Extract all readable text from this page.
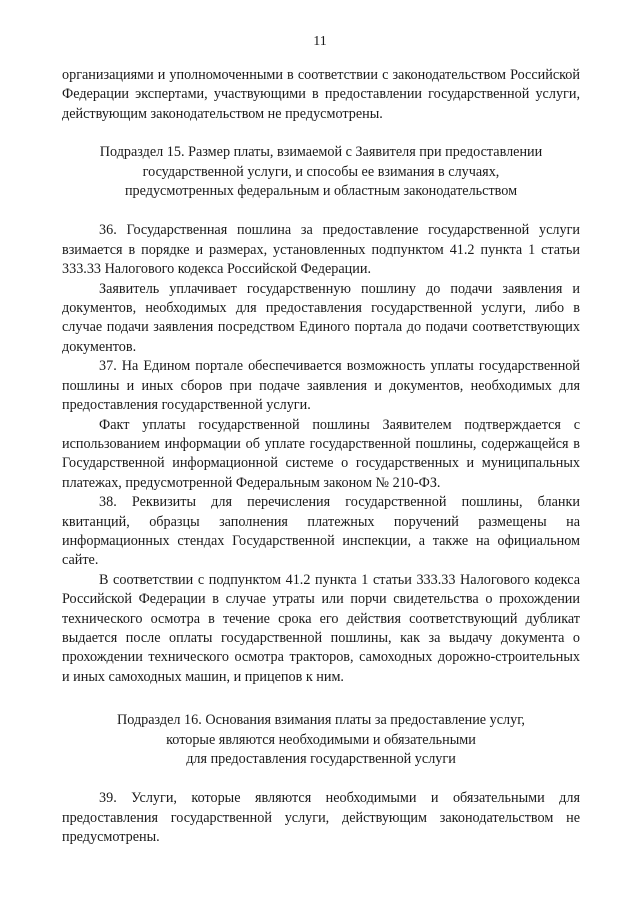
11

организациями и уполномоченными в соответствии с законодательством Российской Федерации экспертами, участвующими в предоставлении государственной услуги, действующим законодательством не предусмотрены.

Подраздел 15. Размер платы, взимаемой с Заявителя при предоставлении
государственной услуги, и способы ее взимания в случаях,
предусмотренных федеральным и областным законодательством

36. Государственная пошлина за предоставление государственной услуги взимается в порядке и размерах, установленных подпунктом 41.2 пункта 1 статьи 333.33 Налогового кодекса Российской Федерации.

Заявитель уплачивает государственную пошлину до подачи заявления и документов, необходимых для предоставления государственной услуги, либо в случае подачи заявления посредством Единого портала до подачи соответствующих документов.

37. На Едином портале обеспечивается возможность уплаты государственной пошлины и иных сборов при подаче заявления и документов, необходимых для предоставления государственной услуги.

Факт уплаты государственной пошлины Заявителем подтверждается с использованием информации об уплате государственной пошлины, содержащейся в Государственной информационной системе о государственных и муниципальных платежах, предусмотренной Федеральным законом № 210-ФЗ.

38. Реквизиты для перечисления государственной пошлины, бланки квитанций, образцы заполнения платежных поручений размещены на информационных стендах Государственной инспекции, а также на официальном сайте.

В соответствии с подпунктом 41.2 пункта 1 статьи 333.33 Налогового кодекса Российской Федерации в случае утраты или порчи свидетельства о прохождении технического осмотра в течение срока его действия соответствующий дубликат выдается после оплаты государственной пошлины, как за выдачу документа о прохождении технического осмотра тракторов, самоходных дорожно-строительных и иных самоходных машин, и прицепов к ним.

Подраздел 16. Основания взимания платы за предоставление услуг,
которые являются необходимыми и обязательными
для предоставления государственной услуги

39. Услуги, которые являются необходимыми и обязательными для предоставления государственной услуги, действующим законодательством не предусмотрены.
